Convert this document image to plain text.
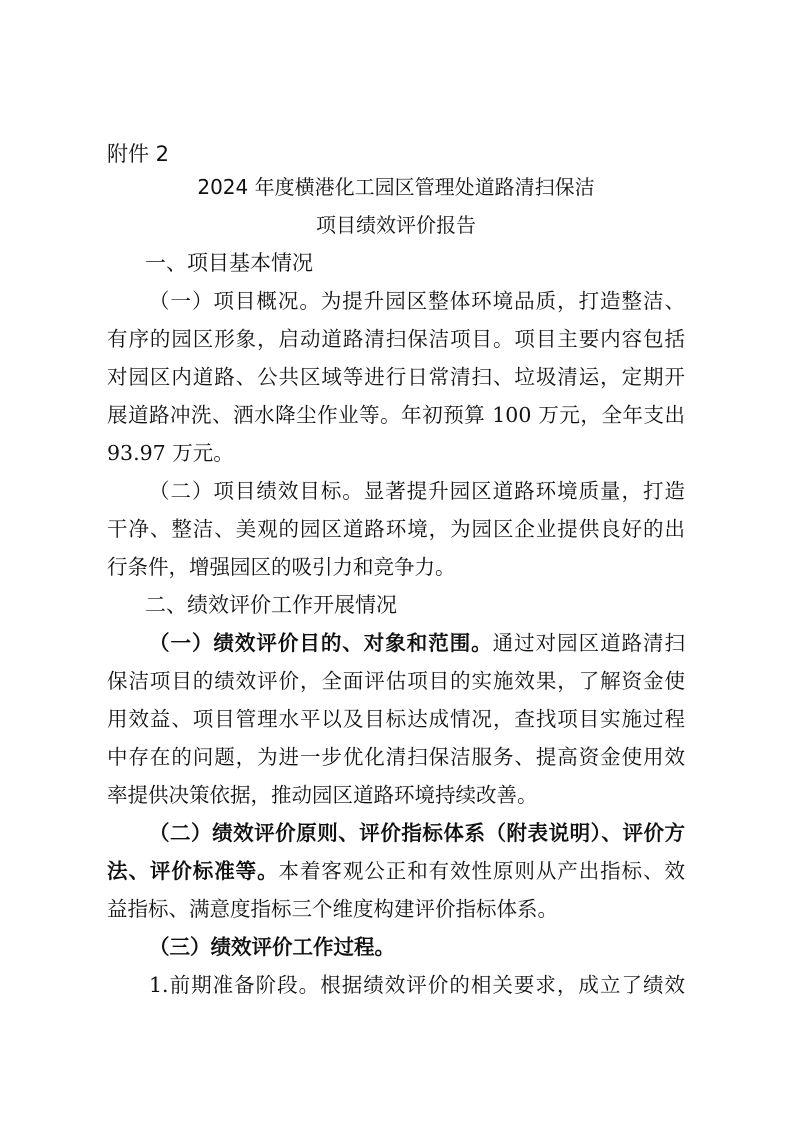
附件 2
2024 年度横港化工园区管理处道路清扫保洁
项目绩效评价报告
一、项目基本情况
（一）项目概况。为提升园区整体环境品质，打造整洁、
有序的园区形象，启动道路清扫保洁项目。项目主要内容包括
对园区内道路、公共区域等进行日常清扫、垃圾清运，定期开
展道路冲洗、洒水降尘作业等。年初预算 100 万元，全年支出
93.97 万元。
（二）项目绩效目标。显著提升园区道路环境质量，打造
干净、整洁、美观的园区道路环境，为园区企业提供良好的出
行条件，增强园区的吸引力和竞争力。
二、绩效评价工作开展情况
（一）绩效评价目的、对象和范围。通过对园区道路清扫
保洁项目的绩效评价，全面评估项目的实施效果，了解资金使
用效益、项目管理水平以及目标达成情况，查找项目实施过程
中存在的问题，为进一步优化清扫保洁服务、提高资金使用效
率提供决策依据，推动园区道路环境持续改善。
（二）绩效评价原则、评价指标体系（附表说明）、评价方
法、评价标准等。本着客观公正和有效性原则从产出指标、效
益指标、满意度指标三个维度构建评价指标体系。
（三）绩效评价工作过程。
1.前期准备阶段。根据绩效评价的相关要求，成立了绩效
